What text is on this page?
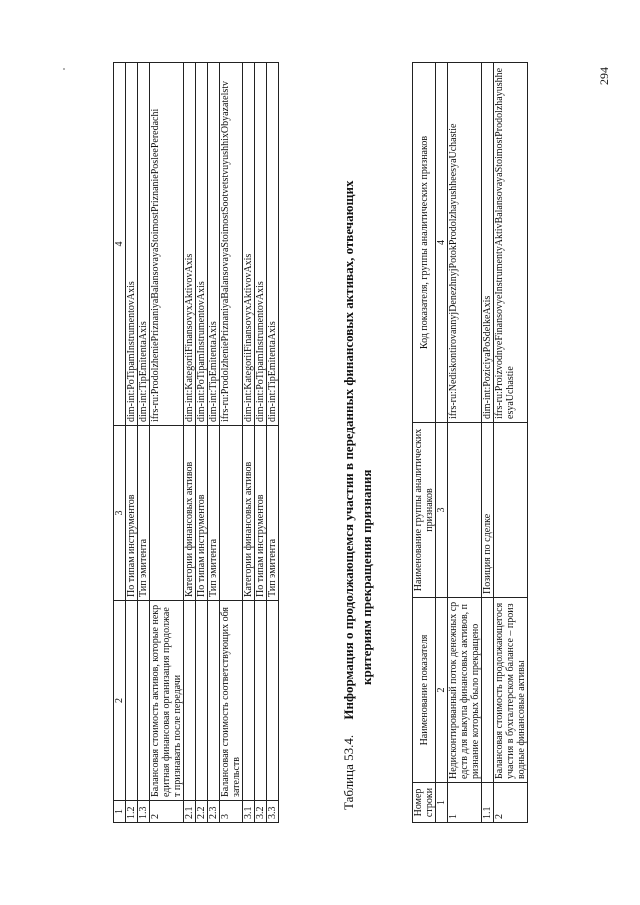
1	2	3	4
1.2		По типам инструментов	dim-int:PoTipamInstrumentovAxis
1.3		Тип эмитента	dim-int:TipEmitentaAxis
2	Балансовая стоимость активов, которые некредитная финансовая организация продолжает признавать после передачи		ifrs-ru:ProdolzheniePriznaniyaBalansovayaStoimostPriznaniePosleePeredachi
2.1		Категории финансовых активов	dim-int:KategoriiFinansovyxAktivovAxis
2.2		По типам инструментов	dim-int:PoTipamInstrumentovAxis
2.3		Тип эмитента	dim-int:TipEmitentaAxis
3	Балансовая стоимость соответствующих обязательств		ifrs-ru:ProdolzheniePriznaniyaBalansovayaStoimostSootvetstvuyushhixObyazatelstv
3.1		Категории финансовых активов	dim-int:KategoriiFinansovyxAktivovAxis
3.2		По типам инструментов	dim-int:PoTipamInstrumentovAxis
3.3		Тип эмитента	dim-int:TipEmitentaAxis
Таблица 53.4. Информация о продолжающемся участии в переданных финансовых активах, отвечающих критериям прекращения признания
Номер строки	Наименование показателя	Наименование группы аналитических признаков	Код показателя, группы аналитических признаков
1	2	3	4
1	Недисконтированный поток денежных средств для выкупа финансовых активов, признание которых было прекращено		ifrs-ru:NediskontirovannyjDenezhnyjPotokProdolzhayushheesyaUchastie
1.1		Позиция по сделке	dim-int:PoziciyaPoSdelkeAxis
2	Балансовая стоимость продолжающегося участия в бухгалтерском балансе – производные финансовые активы		ifrs-ru:ProizvodnyeFinansovyeInstrumentyAktivBalansovayaStoimostProdolzhayushheesyaUchastie
294
